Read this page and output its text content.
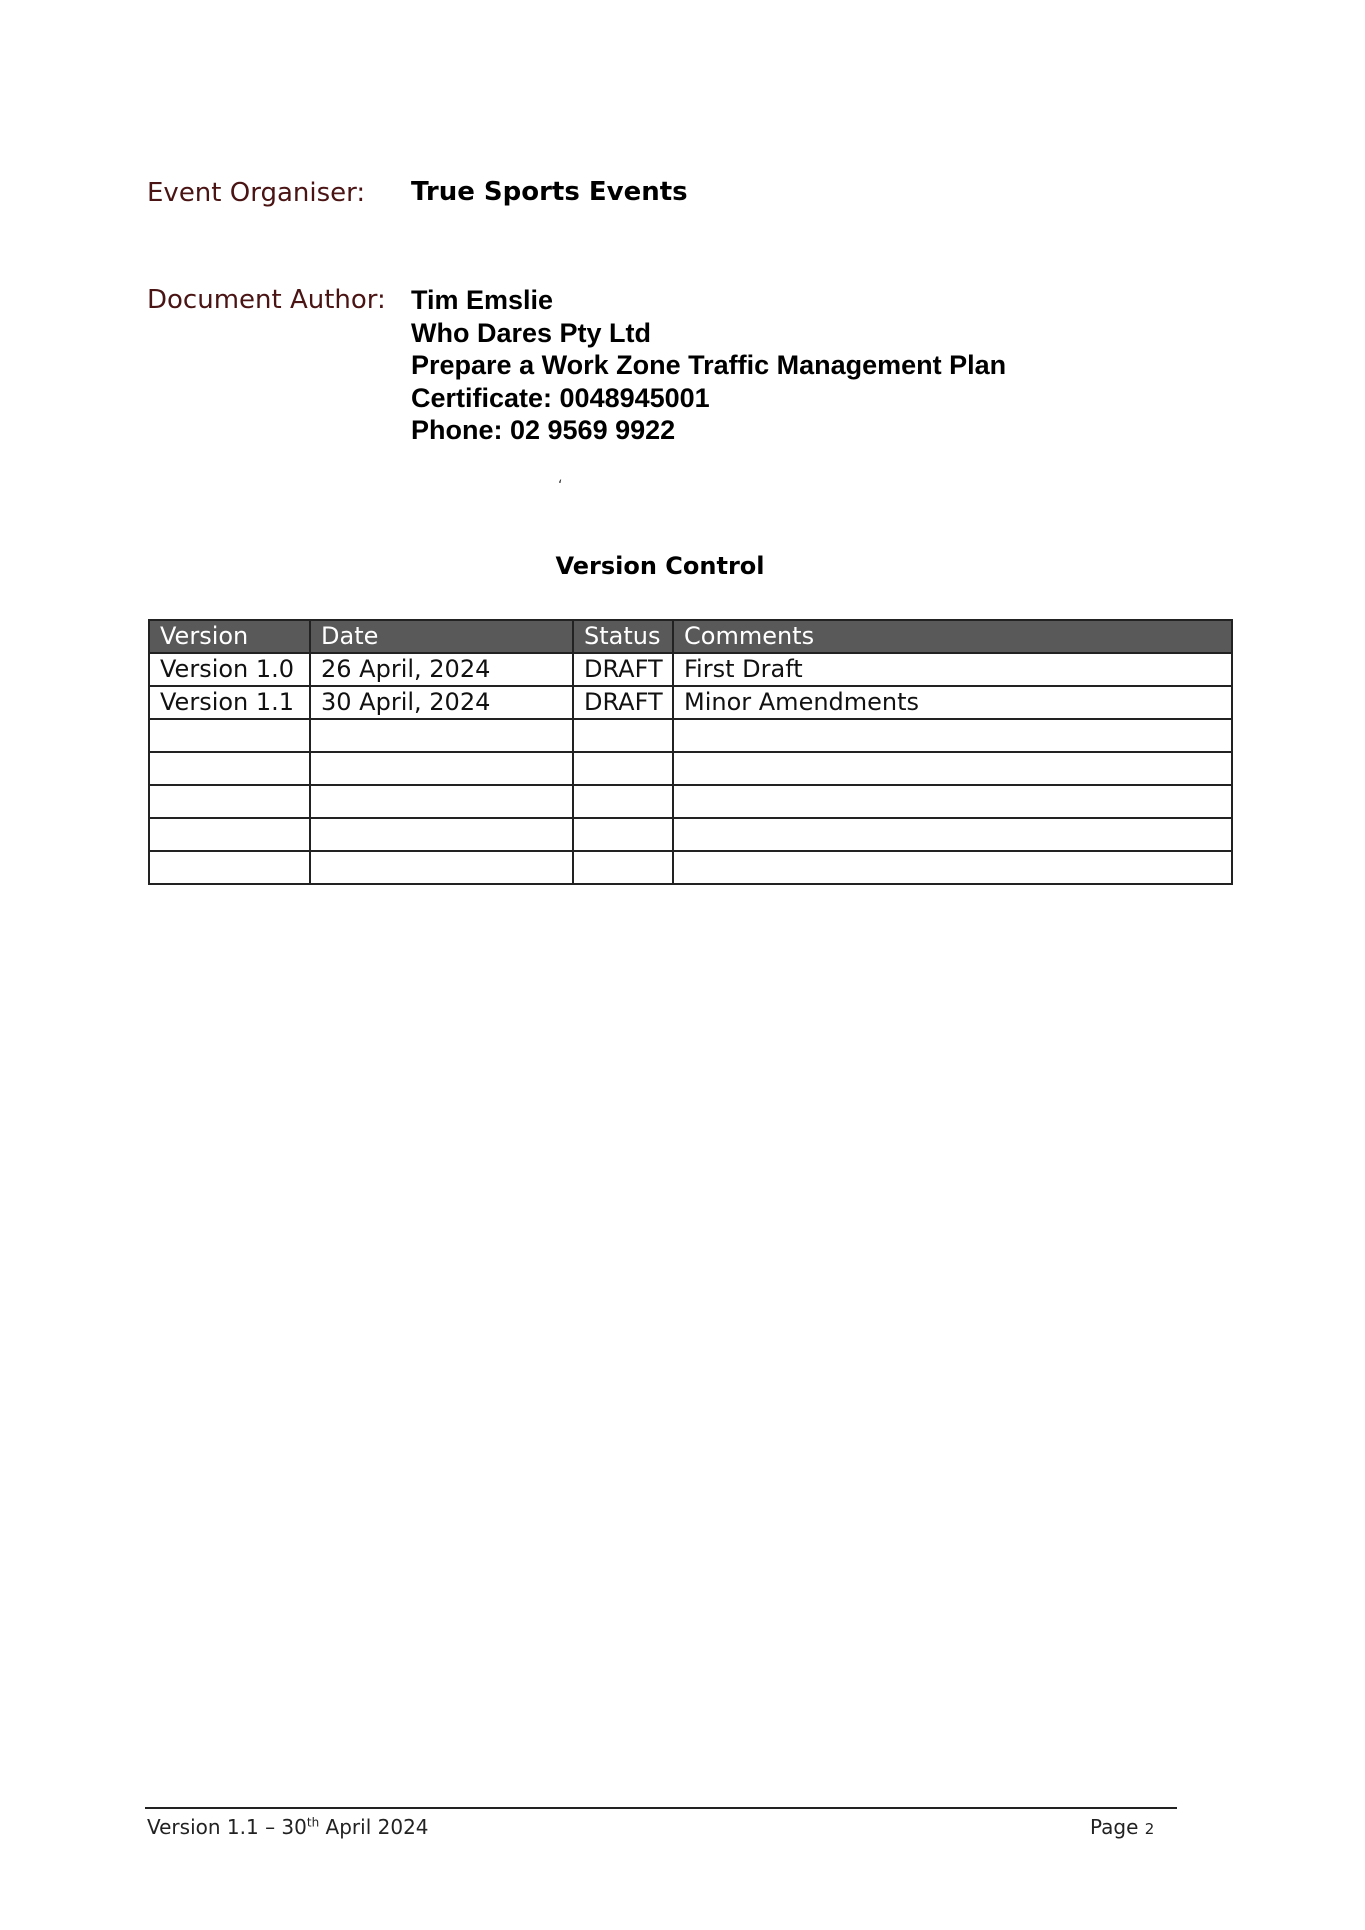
Event Organiser: True Sports Events
Document Author: Tim Emslie
Who Dares Pty Ltd
Prepare a Work Zone Traffic Management Plan
Certificate: 0048945001
Phone: 02 9569 9922
‘
Version Control
Version	Date	Status	Comments
Version 1.0	26 April, 2024	DRAFT	First Draft
Version 1.1	30 April, 2024	DRAFT	Minor Amendments

Version 1.1 – 30th April 2024	Page 2
